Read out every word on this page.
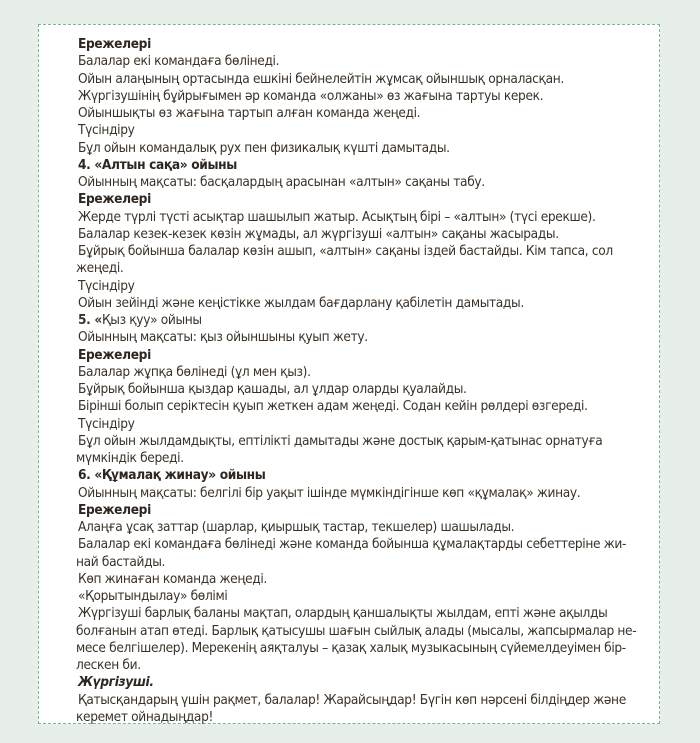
Ережелері

Балалар екі командаға бөлінеді.

Ойын алаңының ортасында ешкіні бейнелейтін жұмсақ ойыншық орналасқан.

Жүргізушінің бұйрығымен әр команда «олжаны» өз жағына тартуы керек.

Ойыншықты өз жағына тартып алған команда жеңеді.

Түсіндіру

Бұл ойын командалық рух пен физикалық күшті дамытады.

4. «Алтын сақа» ойыны

Ойынның мақсаты: басқалардың арасынан «алтын» сақаны табу.

Ережелері

Жерде түрлі түсті асықтар шашылып жатыр. Асықтың бірі – «алтын» (түсі ерекше).

Балалар кезек-кезек көзін жұмады, ал жүргізуші «алтын» сақаны жасырады.

Бұйрық бойынша балалар көзін ашып, «алтын» сақаны іздей бастайды. Кім тапса, сол
жеңеді.

Түсіндіру

Ойын зейінді және кеңістікке жылдам бағдарлану қабілетін дамытады.

5. «Қыз қуу» ойыны

Ойынның мақсаты: қыз ойыншыны қуып жету.

Ережелері

Балалар жұпқа бөлінеді (ұл мен қыз).

Бұйрық бойынша қыздар қашады, ал ұлдар оларды қуалайды.

Бірінші болып серіктесін қуып жеткен адам жеңеді. Содан кейін рөлдері өзгереді.

Түсіндіру

Бұл ойын жылдамдықты, ептілікті дамытады және достық қарым-қатынас орнатуға
мүмкіндік береді.

6. «Құмалақ жинау» ойыны

Ойынның мақсаты: белгілі бір уақыт ішінде мүмкіндігінше көп «құмалақ» жинау.

Ережелері

Алаңға ұсақ заттар (шарлар, қиыршық тастар, текшелер) шашылады.

Балалар екі командаға бөлінеді және команда бойынша құмалақтарды себеттеріне жи-
най бастайды.

Көп жинаған команда жеңеді.

«Қорытындылау» бөлімі

Жүргізуші барлық баланы мақтап, олардың қаншалықты жылдам, епті және ақылды
болғанын атап өтеді. Барлық қатысушы шағын сыйлық алады (мысалы, жапсырмалар не-
месе белгішелер). Мерекенің аяқталуы – қазақ халық музыкасының сүйемелдеуімен бір-
лескен би.

Жүргізуші.

Қатысқандарың үшін рақмет, балалар! Жарайсыңдар! Бүгін көп нәрсені білдіңдер және
керемет ойнадыңдар!
